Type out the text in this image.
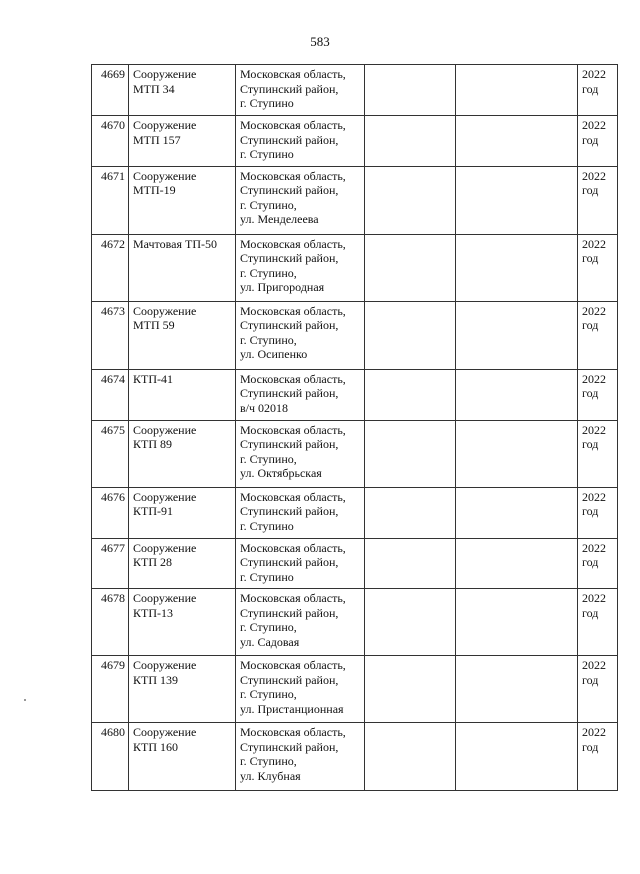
583
4669	Сооружение
МТП 34	Московская область,
Ступинский район,
г. Ступино			2022
год

4670	Сооружение
МТП 157	Московская область,
Ступинский район,
г. Ступино			2022
год

4671	Сооружение
МТП-19	Московская область,
Ступинский район,
г. Ступино,
ул. Менделеева			2022
год

4672	Мачтовая ТП-50	Московская область,
Ступинский район,
г. Ступино,
ул. Пригородная			2022
год

4673	Сооружение
МТП 59	Московская область,
Ступинский район,
г. Ступино,
ул. Осипенко			2022
год

4674	КТП-41	Московская область,
Ступинский район,
в/ч 02018			2022
год

4675	Сооружение
КТП 89	Московская область,
Ступинский район,
г. Ступино,
ул. Октябрьская			2022
год

4676	Сооружение
КТП-91	Московская область,
Ступинский район,
г. Ступино			2022
год

4677	Сооружение
КТП 28	Московская область,
Ступинский район,
г. Ступино			2022
год

4678	Сооружение
КТП-13	Московская область,
Ступинский район,
г. Ступино,
ул. Садовая			2022
год

4679	Сооружение
КТП 139	Московская область,
Ступинский район,
г. Ступино,
ул. Пристанционная			2022
год

4680	Сооружение
КТП 160	Московская область,
Ступинский район,
г. Ступино,
ул. Клубная			2022
год
